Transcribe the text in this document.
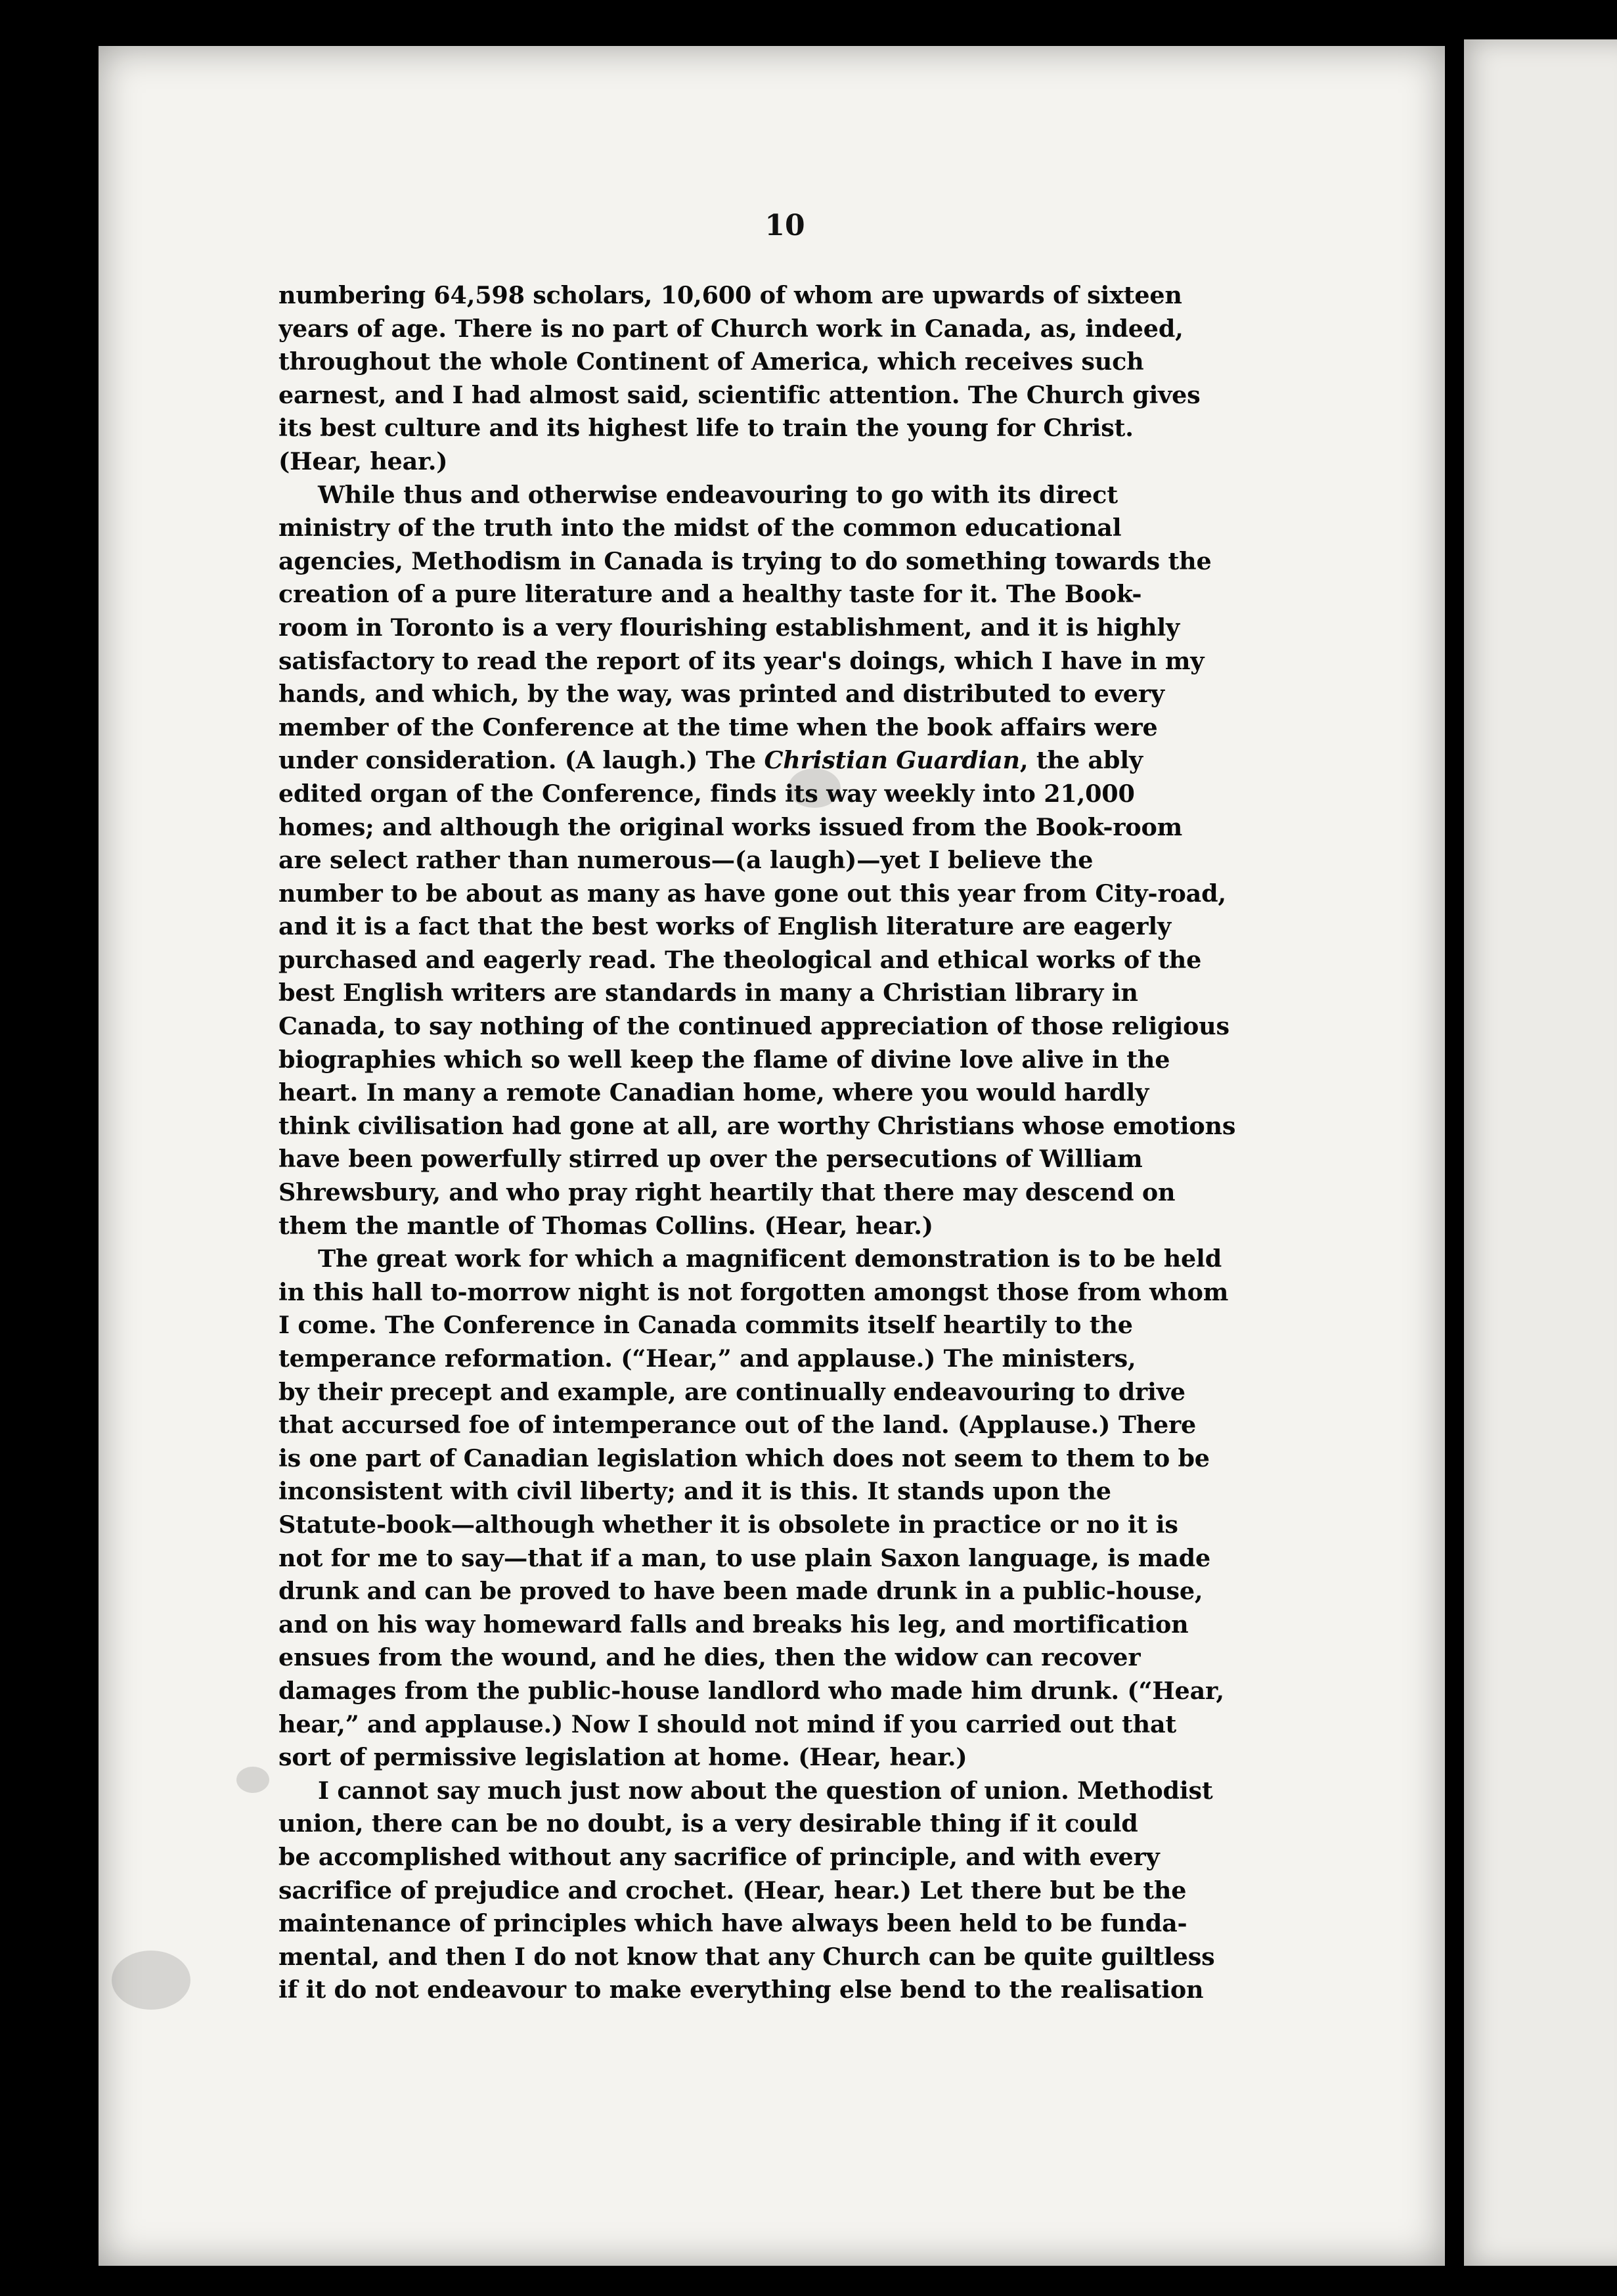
10
numbering 64,598 scholars, 10,600 of whom are upwards of sixteen
years of age. There is no part of Church work in Canada, as, indeed,
throughout the whole Continent of America, which receives such
earnest, and I had almost said, scientific attention. The Church gives
its best culture and its highest life to train the young for Christ.
(Hear, hear.)
While thus and otherwise endeavouring to go with its direct
ministry of the truth into the midst of the common educational
agencies, Methodism in Canada is trying to do something towards the
creation of a pure literature and a healthy taste for it. The Book-
room in Toronto is a very flourishing establishment, and it is highly
satisfactory to read the report of its year's doings, which I have in my
hands, and which, by the way, was printed and distributed to every
member of the Conference at the time when the book affairs were
under consideration. (A laugh.) The Christian Guardian, the ably
edited organ of the Conference, finds its way weekly into 21,000
homes; and although the original works issued from the Book-room
are select rather than numerous—(a laugh)—yet I believe the
number to be about as many as have gone out this year from City-road,
and it is a fact that the best works of English literature are eagerly
purchased and eagerly read. The theological and ethical works of the
best English writers are standards in many a Christian library in
Canada, to say nothing of the continued appreciation of those religious
biographies which so well keep the flame of divine love alive in the
heart. In many a remote Canadian home, where you would hardly
think civilisation had gone at all, are worthy Christians whose emotions
have been powerfully stirred up over the persecutions of William
Shrewsbury, and who pray right heartily that there may descend on
them the mantle of Thomas Collins. (Hear, hear.)
The great work for which a magnificent demonstration is to be held
in this hall to-morrow night is not forgotten amongst those from whom
I come. The Conference in Canada commits itself heartily to the
temperance reformation. (“Hear,” and applause.) The ministers,
by their precept and example, are continually endeavouring to drive
that accursed foe of intemperance out of the land. (Applause.) There
is one part of Canadian legislation which does not seem to them to be
inconsistent with civil liberty; and it is this. It stands upon the
Statute-book—although whether it is obsolete in practice or no it is
not for me to say—that if a man, to use plain Saxon language, is made
drunk and can be proved to have been made drunk in a public-house,
and on his way homeward falls and breaks his leg, and mortification
ensues from the wound, and he dies, then the widow can recover
damages from the public-house landlord who made him drunk. (“Hear,
hear,” and applause.) Now I should not mind if you carried out that
sort of permissive legislation at home. (Hear, hear.)
I cannot say much just now about the question of union. Methodist
union, there can be no doubt, is a very desirable thing if it could
be accomplished without any sacrifice of principle, and with every
sacrifice of prejudice and crochet. (Hear, hear.) Let there but be the
maintenance of principles which have always been held to be funda-
mental, and then I do not know that any Church can be quite guiltless
if it do not endeavour to make everything else bend to the realisation
